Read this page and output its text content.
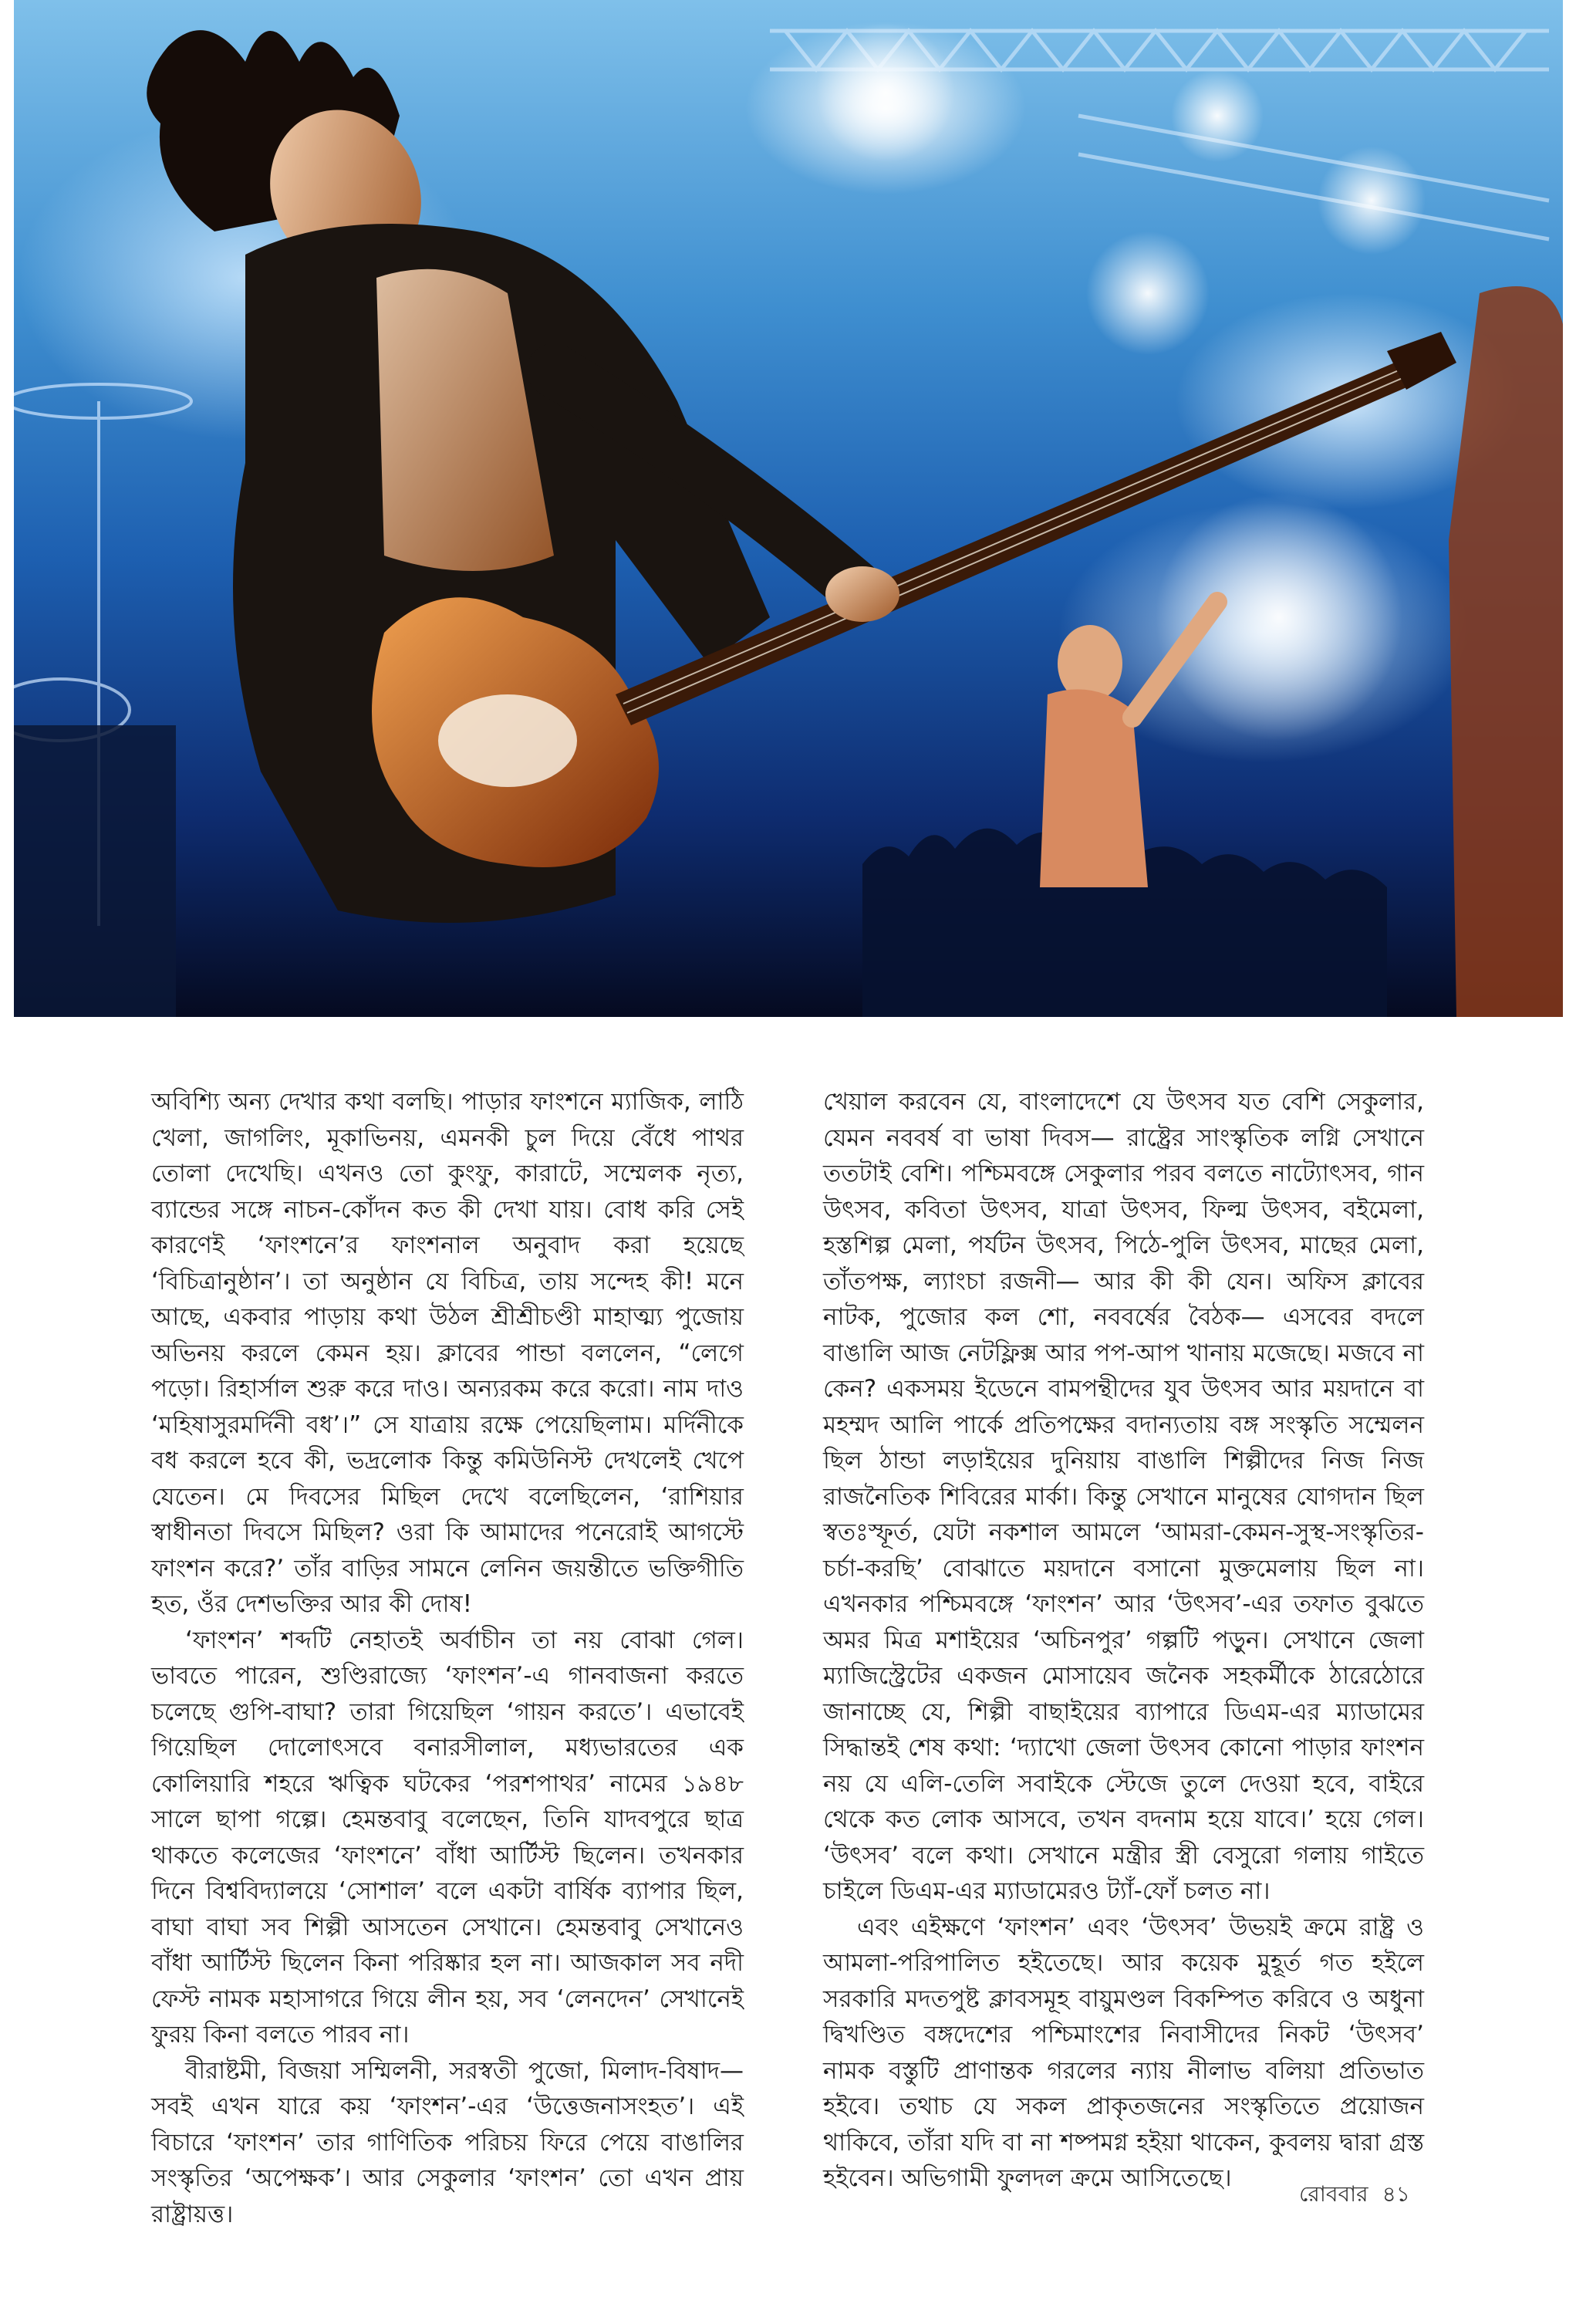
অবিশ্যি অন্য দেখার কথা বলছি। পাড়ার ফাংশনে ম্যাজিক, লাঠি খেলা, জাগলিং, মূকাভিনয়, এমনকী চুল দিয়ে বেঁধে পাথর তোলা দেখেছি। এখনও তো কুংফু, কারাটে, সম্মেলক নৃত্য, ব্যান্ডের সঙ্গে নাচন-কোঁদন কত কী দেখা যায়। বোধ করি সেই কারণেই ‘ফাংশনে’র ফাংশনাল অনুবাদ করা হয়েছে ‘বিচিত্রানুষ্ঠান’। তা অনুষ্ঠান যে বিচিত্র, তায় সন্দেহ কী! মনে আছে, একবার পাড়ায় কথা উঠল শ্রীশ্রীচণ্ডী মাহাত্ম্য পুজোয় অভিনয় করলে কেমন হয়। ক্লাবের পান্ডা বললেন, “লেগে পড়ো। রিহার্সাল শুরু করে দাও। অন্যরকম করে করো। নাম দাও ‘মহিষাসুরমর্দিনী বধ’।” সে যাত্রায় রক্ষে পেয়েছিলাম। মর্দিনীকে বধ করলে হবে কী, ভদ্রলোক কিন্তু কমিউনিস্ট দেখলেই খেপে যেতেন। মে দিবসের মিছিল দেখে বলেছিলেন, ‘রাশিয়ার স্বাধীনতা দিবসে মিছিল? ওরা কি আমাদের পনেরোই আগস্টে ফাংশন করে?’ তাঁর বাড়ির সামনে লেনিন জয়ন্তীতে ভক্তিগীতি হত, ওঁর দেশভক্তির আর কী দোষ!

‘ফাংশন’ শব্দটি নেহাতই অর্বাচীন তা নয় বোঝা গেল। ভাবতে পারেন, শুণ্ডিরাজ্যে ‘ফাংশন’-এ গানবাজনা করতে চলেছে গুপি-বাঘা? তারা গিয়েছিল ‘গায়ন করতে’। এভাবেই গিয়েছিল দোলোৎসবে বনারসীলাল, মধ্যভারতের এক কোলিয়ারি শহরে ঋত্বিক ঘটকের ‘পরশপাথর’ নামের ১৯৪৮ সালে ছাপা গল্পে। হেমন্তবাবু বলেছেন, তিনি যাদবপুরে ছাত্র থাকতে কলেজের ‘ফাংশনে’ বাঁধা আর্টিস্ট ছিলেন। তখনকার দিনে বিশ্ববিদ্যালয়ে ‘সোশাল’ বলে একটা বার্ষিক ব্যাপার ছিল, বাঘা বাঘা সব শিল্পী আসতেন সেখানে। হেমন্তবাবু সেখানেও বাঁধা আর্টিস্ট ছিলেন কিনা পরিষ্কার হল না। আজকাল সব নদী ফেস্ট নামক মহাসাগরে গিয়ে লীন হয়, সব ‘লেনদেন’ সেখানেই ফুরয় কিনা বলতে পারব না।

বীরাষ্টমী, বিজয়া সম্মিলনী, সরস্বতী পুজো, মিলাদ-বিষাদ— সবই এখন যারে কয় ‘ফাংশন’-এর ‘উত্তেজনাসংহত’। এই বিচারে ‘ফাংশন’ তার গাণিতিক পরিচয় ফিরে পেয়ে বাঙালির সংস্কৃতির ‘অপেক্ষক’। আর সেকুলার ‘ফাংশন’ তো এখন প্রায় রাষ্ট্রায়ত্ত।

খেয়াল করবেন যে, বাংলাদেশে যে উৎসব যত বেশি সেকুলার, যেমন নববর্ষ বা ভাষা দিবস— রাষ্ট্রের সাংস্কৃতিক লগ্নি সেখানে ততটাই বেশি। পশ্চিমবঙ্গে সেকুলার পরব বলতে নাট্যোৎসব, গান উৎসব, কবিতা উৎসব, যাত্রা উৎসব, ফিল্ম উৎসব, বইমেলা, হস্তশিল্প মেলা, পর্যটন উৎসব, পিঠে-পুলি উৎসব, মাছের মেলা, তাঁতপক্ষ, ল্যাংচা রজনী— আর কী কী যেন। অফিস ক্লাবের নাটক, পুজোর কল শো, নববর্ষের বৈঠক— এসবের বদলে বাঙালি আজ নেটফ্লিক্স আর পপ-আপ খানায় মজেছে। মজবে না কেন? একসময় ইডেনে বামপন্থীদের যুব উৎসব আর ময়দানে বা মহম্মদ আলি পার্কে প্রতিপক্ষের বদান্যতায় বঙ্গ সংস্কৃতি সম্মেলন ছিল ঠান্ডা লড়াইয়ের দুনিয়ায় বাঙালি শিল্পীদের নিজ নিজ রাজনৈতিক শিবিরের মার্কা। কিন্তু সেখানে মানুষের যোগদান ছিল স্বতঃস্ফূর্ত, যেটা নকশাল আমলে ‘আমরা-কেমন-সুস্থ-সংস্কৃতির-চর্চা-করছি’ বোঝাতে ময়দানে বসানো মুক্তমেলায় ছিল না। এখনকার পশ্চিমবঙ্গে ‘ফাংশন’ আর ‘উৎসব’-এর তফাত বুঝতে অমর মিত্র মশাইয়ের ‘অচিনপুর’ গল্পটি পড়ুন। সেখানে জেলা ম্যাজিস্ট্রেটের একজন মোসায়েব জনৈক সহকর্মীকে ঠারেঠোরে জানাচ্ছে যে, শিল্পী বাছাইয়ের ব্যাপারে ডিএম-এর ম্যাডামের সিদ্ধান্তই শেষ কথা: ‘দ্যাখো জেলা উৎসব কোনো পাড়ার ফাংশন নয় যে এলি-তেলি সবাইকে স্টেজে তুলে দেওয়া হবে, বাইরে থেকে কত লোক আসবে, তখন বদনাম হয়ে যাবে।’ হয়ে গেল। ‘উৎসব’ বলে কথা। সেখানে মন্ত্রীর স্ত্রী বেসুরো গলায় গাইতে চাইলে ডিএম-এর ম্যাডামেরও ট্যাঁ-ফোঁ চলত না।

এবং এইক্ষণে ‘ফাংশন’ এবং ‘উৎসব’ উভয়ই ক্রমে রাষ্ট্র ও আমলা-পরিপালিত হইতেছে। আর কয়েক মুহূর্ত গত হইলে সরকারি মদতপুষ্ট ক্লাবসমূহ বায়ুমণ্ডল বিকম্পিত করিবে ও অধুনা দ্বিখণ্ডিত বঙ্গদেশের পশ্চিমাংশের নিবাসীদের নিকট ‘উৎসব’ নামক বস্তুটি প্রাণান্তক গরলের ন্যায় নীলাভ বলিয়া প্রতিভাত হইবে। তথাচ যে সকল প্রাকৃতজনের সংস্কৃতিতে প্রয়োজন থাকিবে, তাঁরা যদি বা না শষ্পমগ্ন হইয়া থাকেন, কুবলয় দ্বারা গ্রস্ত হইবেন। অভিগামী ফুলদল ক্রমে আসিতেছে।

রোববার ৪১
